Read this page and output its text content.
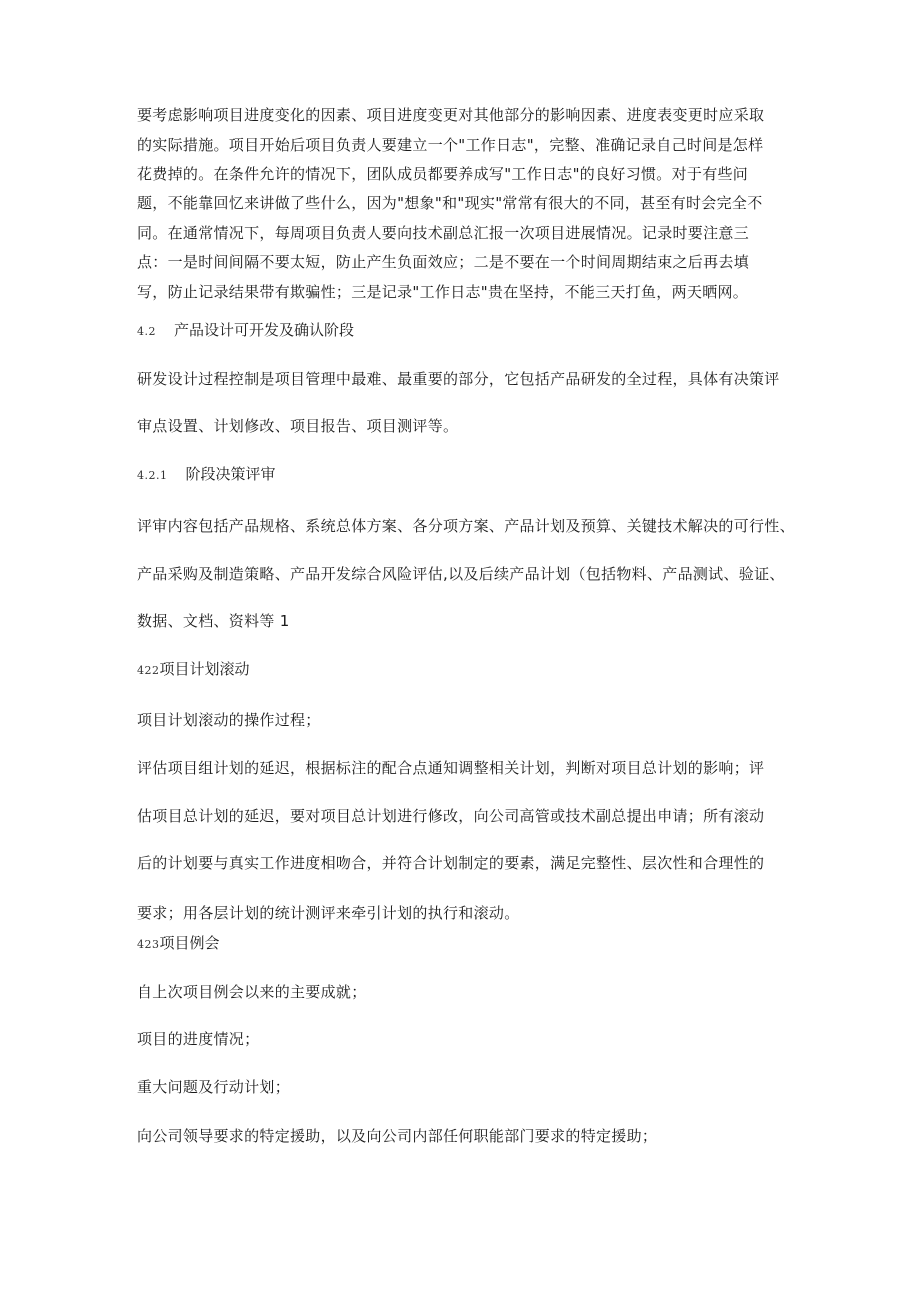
要考虑影响项目进度变化的因素、项目进度变更对其他部分的影响因素、进度表变更时应采取

的实际措施。项目开始后项目负责人要建立一个"工作日志"，完整、准确记录自己时间是怎样

花费掉的。在条件允许的情况下，团队成员都要养成写"工作日志"的良好习惯。对于有些问

题，不能靠回忆来讲做了些什么，因为"想象"和"现实"常常有很大的不同，甚至有时会完全不

同。在通常情况下，每周项目负责人要向技术副总汇报一次项目进展情况。记录时要注意三

点：一是时间间隔不要太短，防止产生负面效应；二是不要在一个时间周期结束之后再去填

写，防止记录结果带有欺骗性；三是记录"工作日志"贵在坚持，不能三天打鱼，两天晒网。

4.2 产品设计可开发及确认阶段

研发设计过程控制是项目管理中最难、最重要的部分，它包括产品研发的全过程，具体有决策评

审点设置、计划修改、项目报告、项目测评等。

4.2.1 阶段决策评审

评审内容包括产品规格、系统总体方案、各分项方案、产品计划及预算、关键技术解决的可行性、

产品采购及制造策略、产品开发综合风险评估,以及后续产品计划（包括物料、产品测试、验证、

数据、文档、资料等 1

422项目计划滚动

项目计划滚动的操作过程；

评估项目组计划的延迟，根据标注的配合点通知调整相关计划，判断对项目总计划的影响；评

估项目总计划的延迟，要对项目总计划进行修改，向公司高管或技术副总提出申请；所有滚动

后的计划要与真实工作进度相吻合，并符合计划制定的要素，满足完整性、层次性和合理性的

要求；用各层计划的统计测评来牵引计划的执行和滚动。

423项目例会

自上次项目例会以来的主要成就；

项目的进度情况；

重大问题及行动计划；

向公司领导要求的特定援助，以及向公司内部任何职能部门要求的特定援助；
